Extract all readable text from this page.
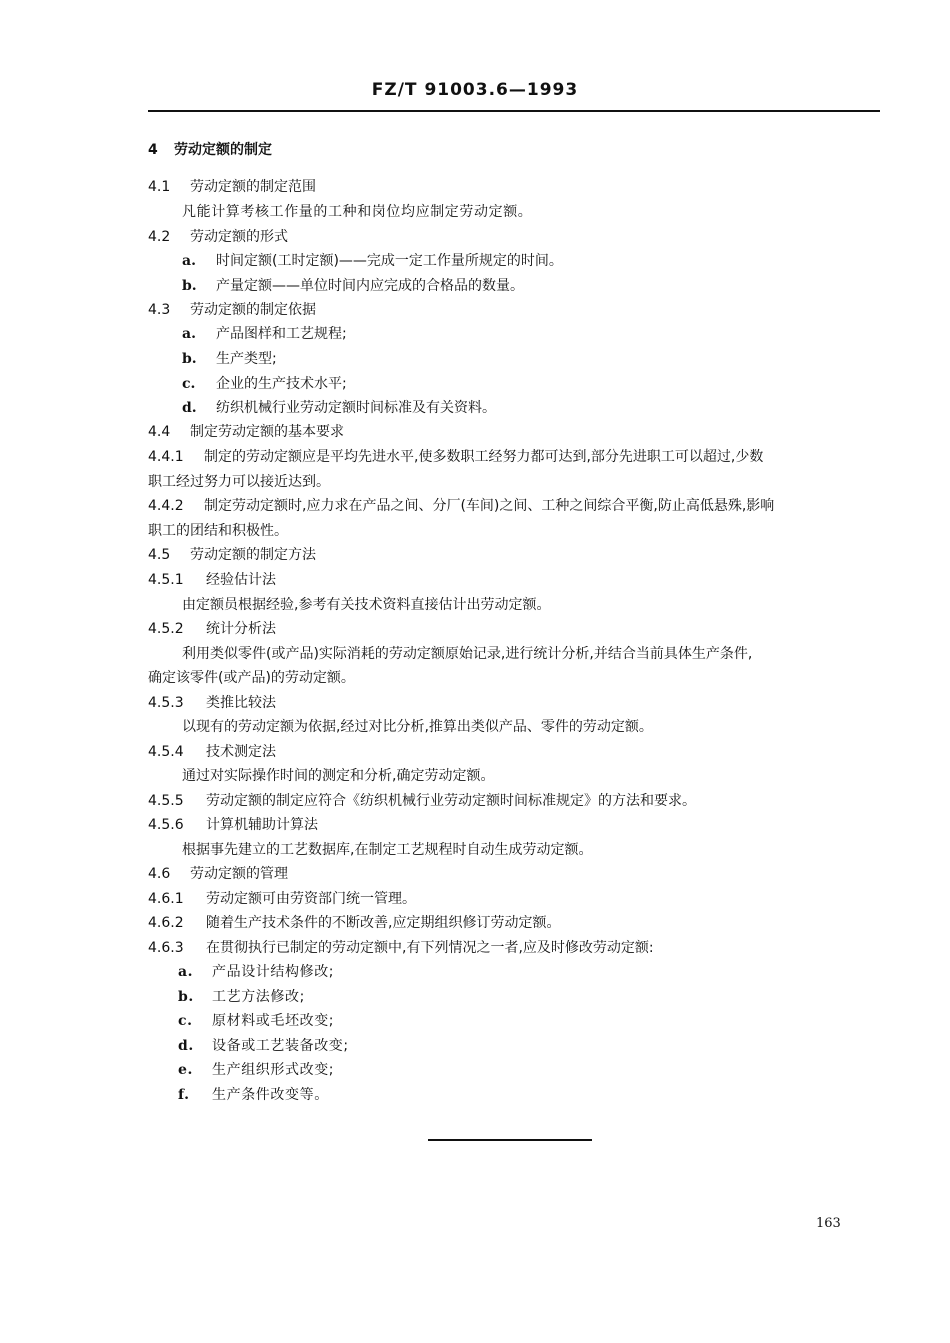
FZ/T 91003.6—1993
4 劳动定额的制定
4.1 劳动定额的制定范围
凡能计算考核工作量的工种和岗位均应制定劳动定额。
4.2 劳动定额的形式
a. 时间定额(工时定额)——完成一定工作量所规定的时间。
b. 产量定额——单位时间内应完成的合格品的数量。
4.3 劳动定额的制定依据
a. 产品图样和工艺规程;
b. 生产类型;
c. 企业的生产技术水平;
d. 纺织机械行业劳动定额时间标准及有关资料。
4.4 制定劳动定额的基本要求
4.4.1 制定的劳动定额应是平均先进水平,使多数职工经努力都可达到,部分先进职工可以超过,少数
职工经过努力可以接近达到。
4.4.2 制定劳动定额时,应力求在产品之间、分厂(车间)之间、工种之间综合平衡,防止高低悬殊,影响
职工的团结和积极性。
4.5 劳动定额的制定方法
4.5.1 经验估计法
由定额员根据经验,参考有关技术资料直接估计出劳动定额。
4.5.2 统计分析法
利用类似零件(或产品)实际消耗的劳动定额原始记录,进行统计分析,并结合当前具体生产条件,
确定该零件(或产品)的劳动定额。
4.5.3 类推比较法
以现有的劳动定额为依据,经过对比分析,推算出类似产品、零件的劳动定额。
4.5.4 技术测定法
通过对实际操作时间的测定和分析,确定劳动定额。
4.5.5 劳动定额的制定应符合《纺织机械行业劳动定额时间标准规定》的方法和要求。
4.5.6 计算机辅助计算法
根据事先建立的工艺数据库,在制定工艺规程时自动生成劳动定额。
4.6 劳动定额的管理
4.6.1 劳动定额可由劳资部门统一管理。
4.6.2 随着生产技术条件的不断改善,应定期组织修订劳动定额。
4.6.3 在贯彻执行已制定的劳动定额中,有下列情况之一者,应及时修改劳动定额:
a. 产品设计结构修改;
b. 工艺方法修改;
c. 原材料或毛坯改变;
d. 设备或工艺装备改变;
e. 生产组织形式改变;
f. 生产条件改变等。
163
